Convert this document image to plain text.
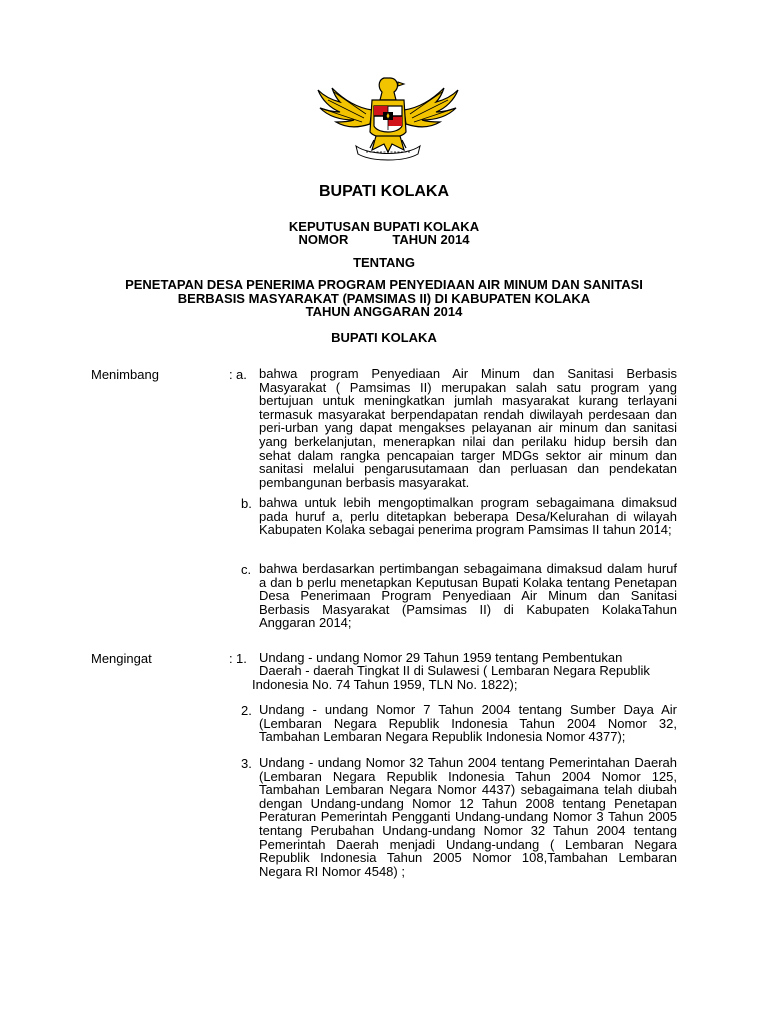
BUPATI KOLAKA
KEPUTUSAN BUPATI KOLAKA
NOMOR	TAHUN 2014
TENTANG
PENETAPAN DESA PENERIMA PROGRAM PENYEDIAAN AIR MINUM DAN SANITASI
BERBASIS MASYARAKAT (PAMSIMAS II) DI KABUPATEN KOLAKA
TAHUN ANGGARAN 2014
BUPATI KOLAKA
Menimbang	: a. bahwa program Penyediaan Air Minum dan Sanitasi Berbasis Masyarakat ( Pamsimas II) merupakan salah satu program yang bertujuan untuk meningkatkan jumlah masyarakat kurang terlayani termasuk masyarakat berpendapatan rendah diwilayah perdesaan dan peri-urban yang dapat mengakses pelayanan air minum dan sanitasi yang berkelanjutan, menerapkan nilai dan perilaku hidup bersih dan sehat dalam rangka pencapaian targer MDGs sektor air minum dan sanitasi melalui pengarusutamaan dan perluasan dan pendekatan pembangunan berbasis masyarakat.
b. bahwa untuk lebih mengoptimalkan program sebagaimana dimaksud pada huruf a, perlu ditetapkan beberapa Desa/Kelurahan di wilayah Kabupaten Kolaka sebagai penerima program Pamsimas II tahun 2014;
c. bahwa berdasarkan pertimbangan sebagaimana dimaksud dalam huruf a dan b perlu menetapkan Keputusan Bupati Kolaka tentang Penetapan Desa Penerimaan Program Penyediaan Air Minum dan Sanitasi Berbasis Masyarakat (Pamsimas II) di Kabupaten KolakaTahun Anggaran 2014;
Mengingat	: 1. Undang - undang Nomor 29 Tahun 1959 tentang Pembentukan
Daerah - daerah Tingkat II di Sulawesi ( Lembaran Negara Republik
Indonesia No. 74 Tahun 1959, TLN No. 1822);
2. Undang - undang Nomor 7 Tahun 2004 tentang Sumber Daya Air (Lembaran Negara Republik Indonesia Tahun 2004 Nomor 32, Tambahan Lembaran Negara Republik Indonesia Nomor 4377);
3. Undang - undang Nomor 32 Tahun 2004 tentang Pemerintahan Daerah (Lembaran Negara Republik Indonesia Tahun 2004 Nomor 125, Tambahan Lembaran Negara Nomor 4437) sebagaimana telah diubah dengan Undang-undang Nomor 12 Tahun 2008 tentang Penetapan Peraturan Pemerintah Pengganti Undang-undang Nomor 3 Tahun 2005 tentang Perubahan Undang-undang Nomor 32 Tahun 2004 tentang Pemerintah Daerah menjadi Undang-undang ( Lembaran Negara Republik Indonesia Tahun 2005 Nomor 108,Tambahan Lembaran Negara RI Nomor 4548) ;
